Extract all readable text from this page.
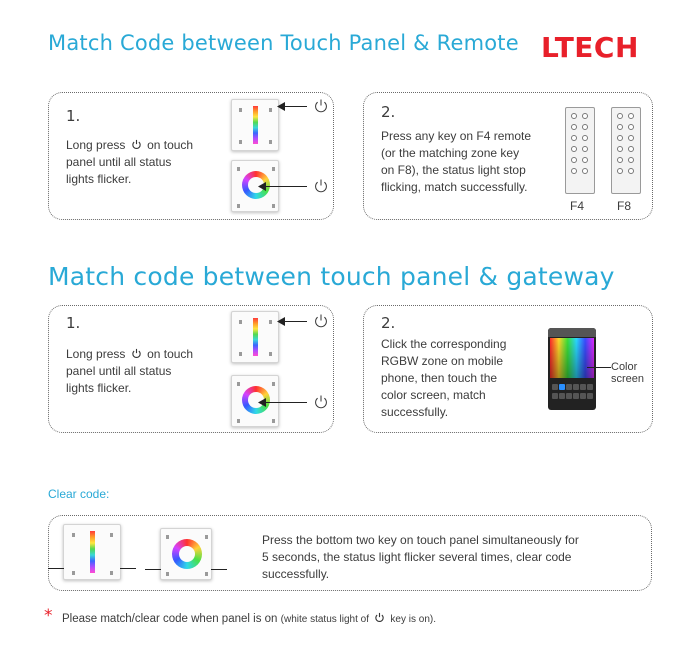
Match Code between Touch Panel & Remote LTECH
1.

Long press on touch

panel until all status

lights flicker.

2.

Press any key on F4 remote

(or the matching zone key

on F8), the status light stop

flicking, match successfully.

F4	F8
Match code between touch panel & gateway
1.

Long press on touch

panel until all status

lights flicker.

2.

Click the corresponding

RGBW zone on mobile

phone, then touch the

color screen, match

successfully.

Color

screen

Clear code:

Press the bottom two key on touch panel simultaneously for

5 seconds, the status light flicker several times, clear code

successfully.

* Please match/clear code when panel is on (white status light of key is on).
